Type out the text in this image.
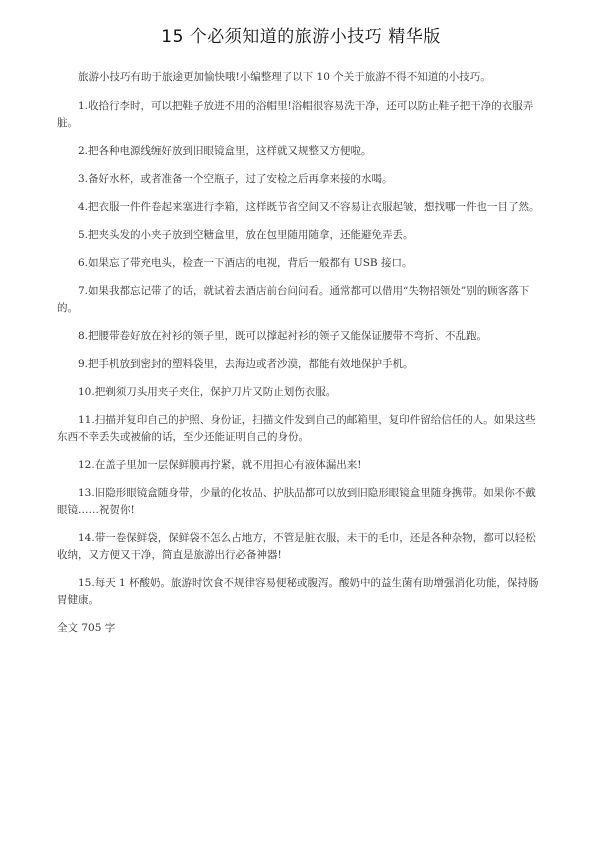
15 个必须知道的旅游小技巧 精华版

旅游小技巧有助于旅途更加愉快哦!小编整理了以下 10 个关于旅游不得不知道的小技巧。

1.收拾行李时，可以把鞋子放进不用的浴帽里!浴帽很容易洗干净，还可以防止鞋子把干净的衣服弄脏。

2.把各种电源线缠好放到旧眼镜盒里，这样就又规整又方便啦。

3.备好水杯，或者准备一个空瓶子，过了安检之后再拿来接的水喝。

4.把衣服一件件卷起来塞进行李箱，这样既节省空间又不容易让衣服起皱，想找哪一件也一目了然。

5.把夹头发的小夹子放到空糖盒里，放在包里随用随拿，还能避免弄丢。

6.如果忘了带充电头，检查一下酒店的电视，背后一般都有 USB 接口。

7.如果我都忘记带了的话，就试着去酒店前台问问看。通常都可以借用“失物招领处”别的顾客落下的。

8.把腰带卷好放在衬衫的领子里，既可以撑起衬衫的领子又能保证腰带不弯折、不乱跑。

9.把手机放到密封的塑料袋里，去海边或者沙漠，都能有效地保护手机。

10.把剃须刀头用夹子夹住，保护刀片又防止划伤衣服。

11.扫描并复印自己的护照、身份证，扫描文件发到自己的邮箱里，复印件留给信任的人。如果这些东西不幸丢失或被偷的话，至少还能证明自己的身份。

12.在盖子里加一层保鲜膜再拧紧，就不用担心有液体漏出来!

13.旧隐形眼镜盒随身带，少量的化妆品、护肤品都可以放到旧隐形眼镜盒里随身携带。如果你不戴眼镜……祝贺你!

14.带一卷保鲜袋，保鲜袋不怎么占地方，不管是脏衣服，未干的毛巾，还是各种杂物，都可以轻松收纳，又方便又干净，简直是旅游出行必备神器!

15.每天 1 杯酸奶。旅游时饮食不规律容易便秘或腹泻。酸奶中的益生菌有助增强消化功能，保持肠胃健康。

全文 705 字
